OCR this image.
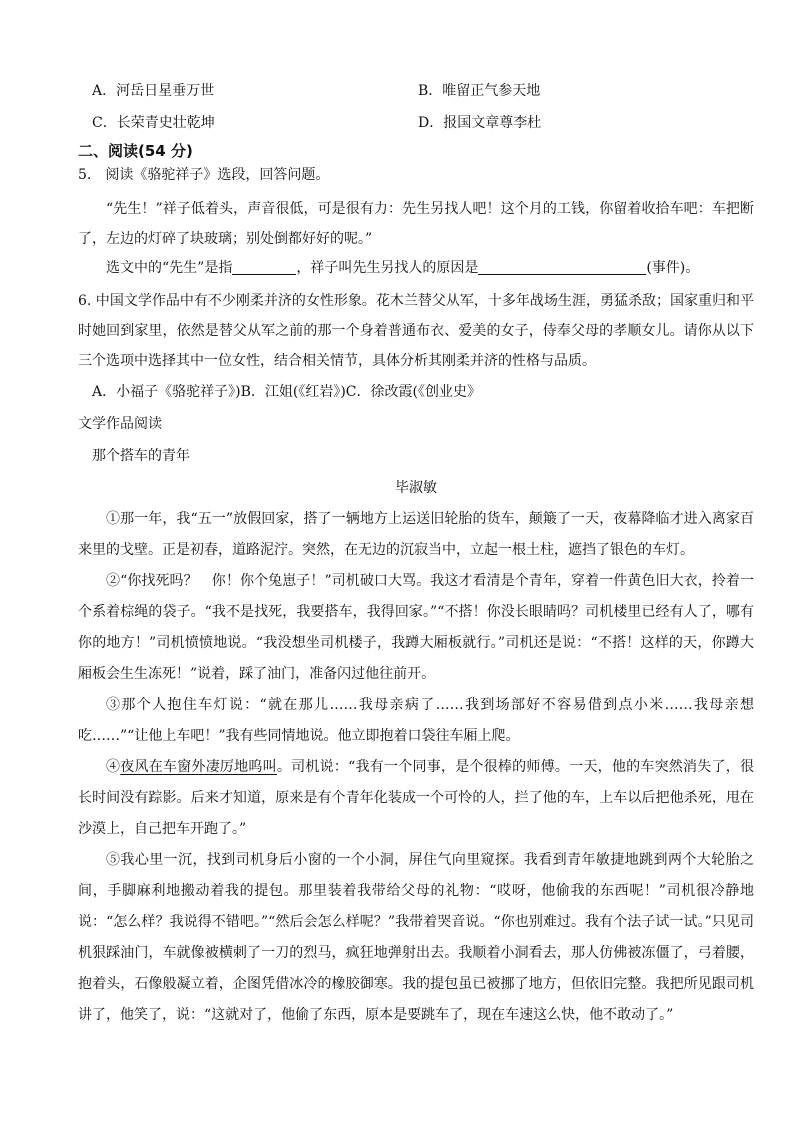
A．河岳日星垂万世	B．唯留正气参天地
C．长荣青史壮乾坤	D．报国文章尊李杜
二、阅读(54 分)
5.　阅读《骆驼祥子》选段，回答问题。
“先生！”祥子低着头，声音很低，可是很有力：先生另找人吧！这个月的工钱，你留着收拾车吧：车把断了，左边的灯碎了块玻璃；别处倒都好好的呢。”
选文中的“先生”是指	，祥子叫先生另找人的原因是	(事件)。
6. 中国文学作品中有不少刚柔并济的女性形象。花木兰替父从军，十多年战场生涯，勇猛杀敌；国家重归和平时她回到家里，依然是替父从军之前的那一个身着普通布衣、爱美的女子，侍奉父母的孝顺女儿。请你从以下三个选项中选择其中一位女性，结合相关情节，具体分析其刚柔并济的性格与品质。
A．小福子《骆驼祥子》)B．江姐(《红岩》)C．徐改霞(《创业史》
文学作品阅读
那个搭车的青年
毕淑敏
①那一年，我“五一”放假回家，搭了一辆地方上运送旧轮胎的货车，颠簸了一天，夜幕降临才进入离家百来里的戈壁。正是初春，道路泥泞。突然，在无边的沉寂当中，立起一根土柱，遮挡了银色的车灯。
②“你找死吗？　你！你个兔崽子！”司机破口大骂。我这才看清是个青年，穿着一件黄色旧大衣，拎着一个系着棕绳的袋子。“我不是找死，我要搭车，我得回家。”“不搭！你没长眼睛吗？司机楼里已经有人了，哪有你的地方！”司机愤愤地说。“我没想坐司机楼子，我蹲大厢板就行。”司机还是说：“不搭！这样的天，你蹲大厢板会生生冻死！”说着，踩了油门，准备闪过他往前开。
③那个人抱住车灯说：“就在那儿……我母亲病了……我到场部好不容易借到点小米……我母亲想吃……”“让他上车吧！”我有些同情地说。他立即抱着口袋往车厢上爬。
④夜风在车窗外凄厉地呜叫。司机说：“我有一个同事，是个很棒的师傅。一天，他的车突然消失了，很长时间没有踪影。后来才知道，原来是有个青年化装成一个可怜的人，拦了他的车，上车以后把他杀死，甩在沙漠上，自己把车开跑了。”
⑤我心里一沉，找到司机身后小窗的一个小洞，屏住气向里窥探。我看到青年敏捷地跳到两个大轮胎之间，手脚麻利地搬动着我的提包。那里装着我带给父母的礼物：“哎呀，他偷我的东西呢！”司机很冷静地说：“怎么样？我说得不错吧。”“然后会怎么样呢？”我带着哭音说。“你也别难过。我有个法子试一试。”只见司机狠踩油门，车就像被横刺了一刀的烈马，疯狂地弹射出去。我顺着小洞看去，那人仿佛被冻僵了，弓着腰，抱着头，石像般凝立着，企图凭借冰冷的橡胶御寒。我的提包虽已被挪了地方，但依旧完整。我把所见跟司机讲了，他笑了，说：“这就对了，他偷了东西，原本是要跳车了，现在车速这么快，他不敢动了。”
